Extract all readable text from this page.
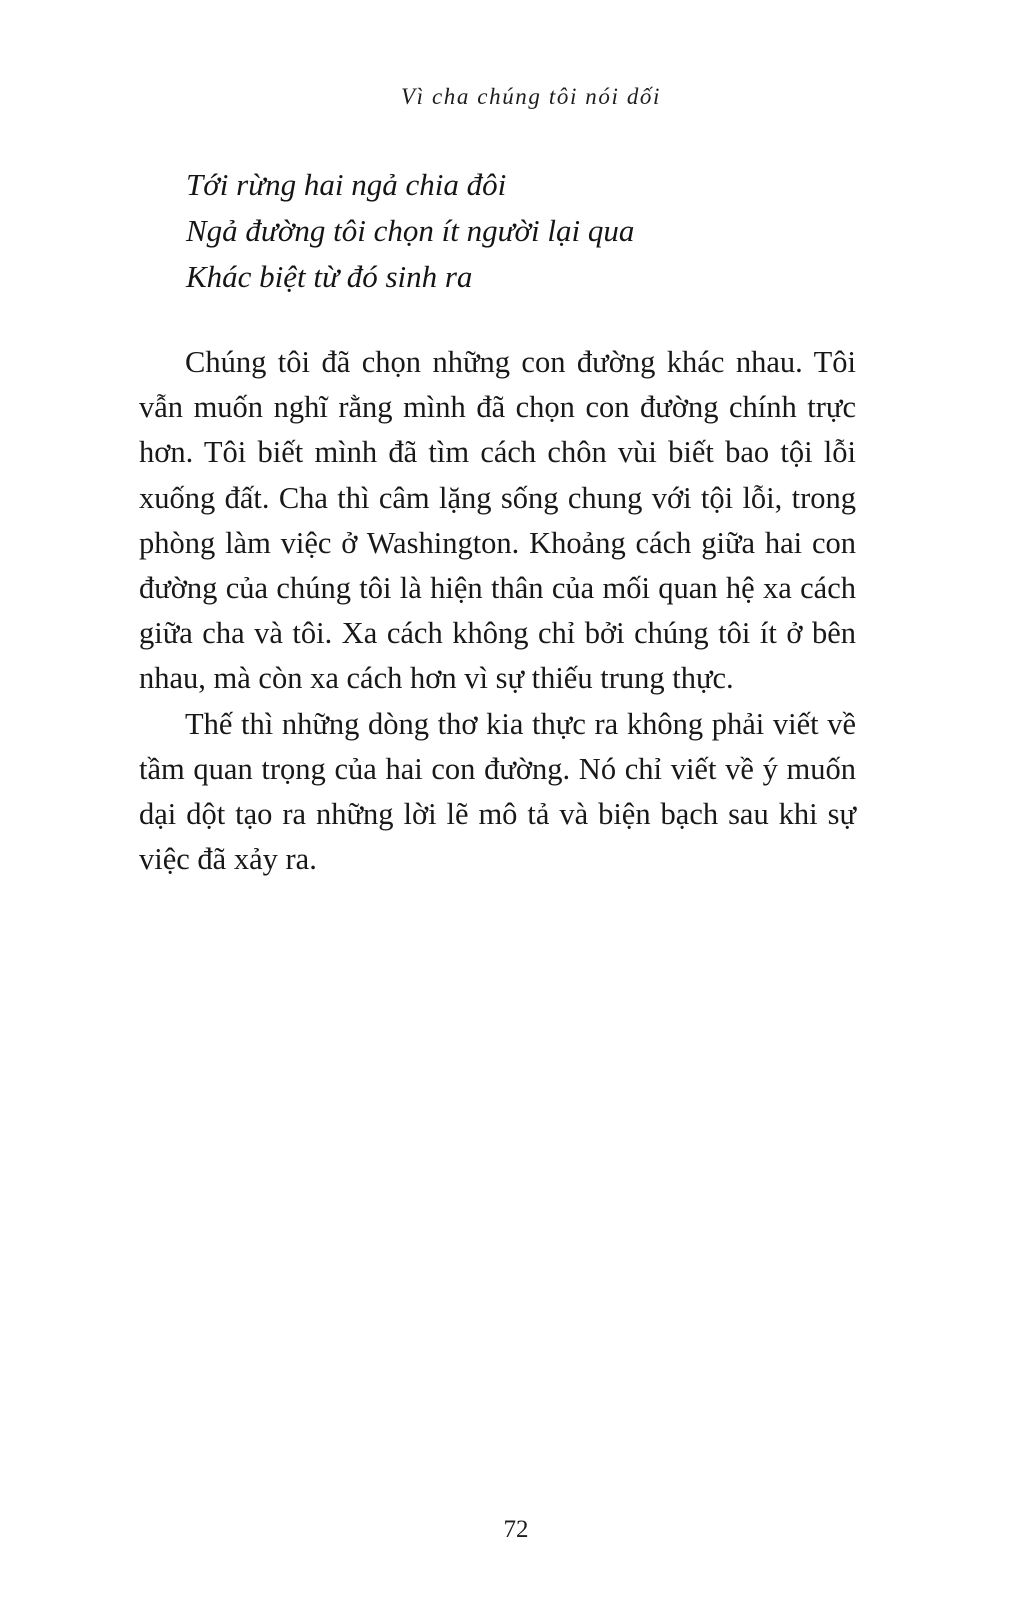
Vì cha chúng tôi nói dối
Tới rừng hai ngả chia đôi
Ngả đường tôi chọn ít người lại qua
Khác biệt từ đó sinh ra

Chúng tôi đã chọn những con đường khác nhau. Tôi vẫn muốn nghĩ rằng mình đã chọn con đường chính trực hơn. Tôi biết mình đã tìm cách chôn vùi biết bao tội lỗi xuống đất. Cha thì câm lặng sống chung với tội lỗi, trong phòng làm việc ở Washington. Khoảng cách giữa hai con đường của chúng tôi là hiện thân của mối quan hệ xa cách giữa cha và tôi. Xa cách không chỉ bởi chúng tôi ít ở bên nhau, mà còn xa cách hơn vì sự thiếu trung thực.

Thế thì những dòng thơ kia thực ra không phải viết về tầm quan trọng của hai con đường. Nó chỉ viết về ý muốn dại dột tạo ra những lời lẽ mô tả và biện bạch sau khi sự việc đã xảy ra.

72
